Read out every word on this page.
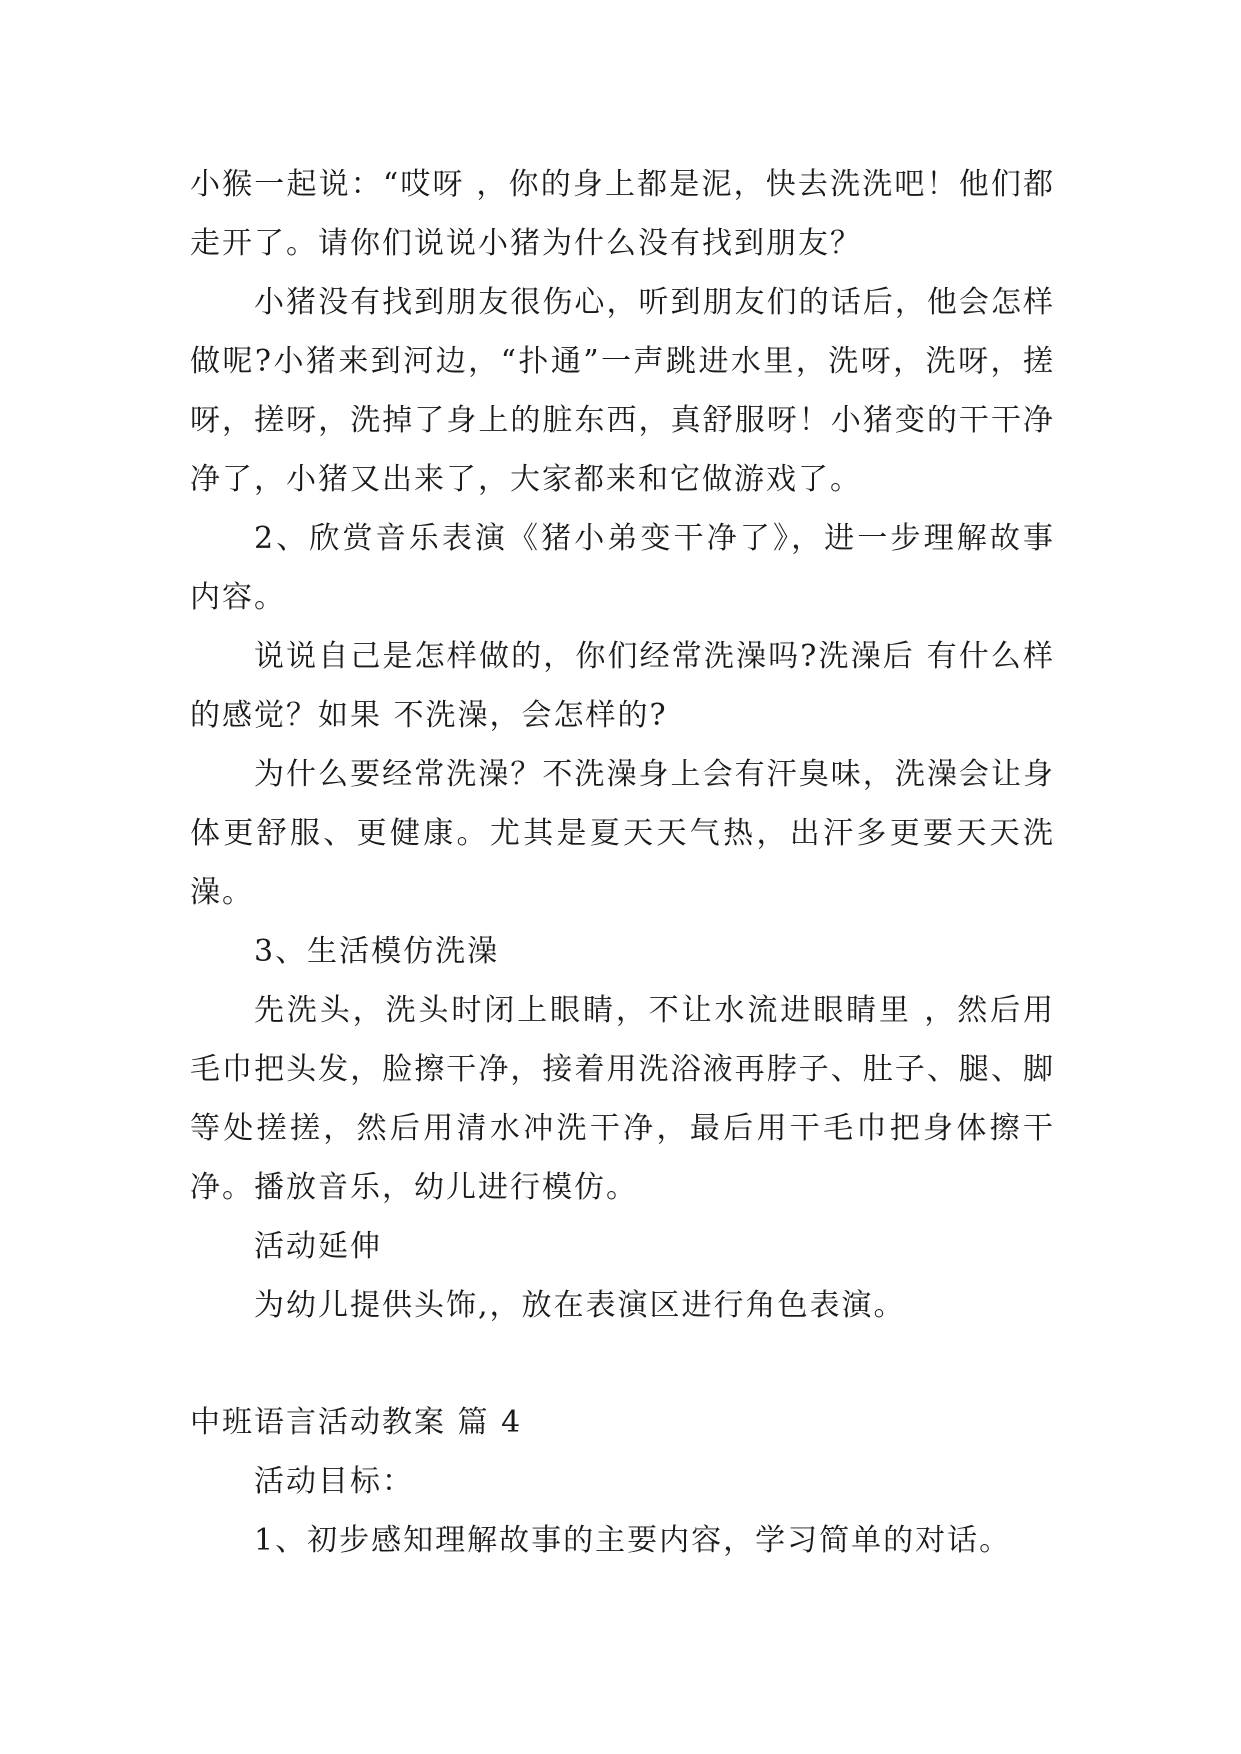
小猴一起说：“哎呀 ，你的身上都是泥，快去洗洗吧！他们都走开了。请你们说说小猪为什么没有找到朋友？

小猪没有找到朋友很伤心，听到朋友们的话后，他会怎样做呢?小猪来到河边，“扑通”一声跳进水里，洗呀，洗呀，搓呀，搓呀，洗掉了身上的脏东西，真舒服呀！小猪变的干干净净了，小猪又出来了，大家都来和它做游戏了。

2、欣赏音乐表演《猪小弟变干净了》，进一步理解故事内容。

说说自己是怎样做的，你们经常洗澡吗?洗澡后 有什么样的感觉？如果 不洗澡，会怎样的?

为什么要经常洗澡？不洗澡身上会有汗臭味，洗澡会让身体更舒服、更健康。尤其是夏天天气热，出汗多更要天天洗澡。

3、生活模仿洗澡

先洗头，洗头时闭上眼睛，不让水流进眼睛里 ，然后用毛巾把头发，脸擦干净，接着用洗浴液再脖子、肚子、腿、脚等处搓搓，然后用清水冲洗干净，最后用干毛巾把身体擦干净。播放音乐，幼儿进行模仿。

活动延伸

为幼儿提供头饰,，放在表演区进行角色表演。

中班语言活动教案 篇 4

活动目标：

1、初步感知理解故事的主要内容，学习简单的对话。
